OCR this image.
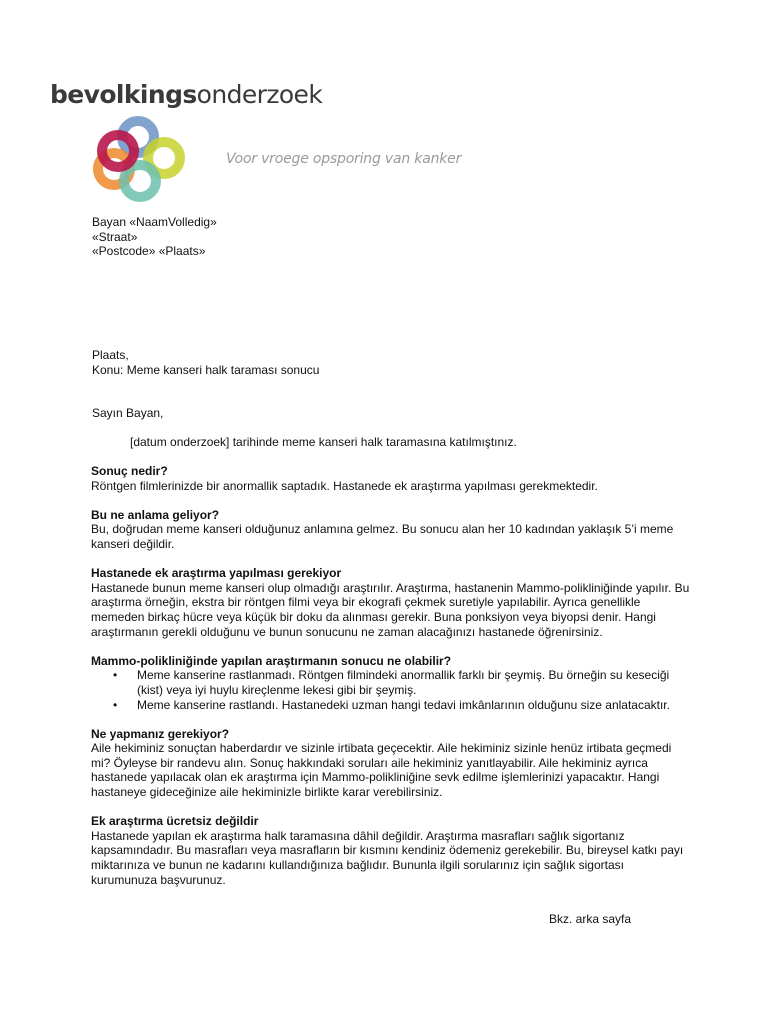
bevolkingsonderzoek
Voor vroege opsporing van kanker
Bayan «NaamVolledig»
«Straat»
«Postcode» «Plaats»
Plaats,
Konu: Meme kanseri halk taraması sonucu
Sayın Bayan,
[datum onderzoek] tarihinde meme kanseri halk taramasına katılmıştınız.
Sonuç nedir?

Röntgen filmlerinizde bir anormallik saptadık. Hastanede ek araştırma yapılması gerekmektedir.

Bu ne anlama geliyor?

Bu, doğrudan meme kanseri olduğunuz anlamına gelmez. Bu sonucu alan her 10 kadından yaklaşık 5’i meme kanseri değildir.

Hastanede ek araştırma yapılması gerekiyor

Hastanede bunun meme kanseri olup olmadığı araştırılır. Araştırma, hastanenin Mammo-polikliniğinde yapılır. Bu araştırma örneğin, ekstra bir röntgen filmi veya bir ekografi çekmek suretiyle yapılabilir. Ayrıca genellikle memeden birkaç hücre veya küçük bir doku da alınması gerekir. Buna ponksiyon veya biyopsi denir. Hangi araştırmanın gerekli olduğunu ve bunun sonucunu ne zaman alacağınızı hastanede öğrenirsiniz.

Mammo-polikliniğinde yapılan araştırmanın sonucu ne olabilir?
• Meme kanserine rastlanmadı. Röntgen filmindeki anormallik farklı bir şeymiş. Bu örneğin su keseciği (kist) veya iyi huylu kireçlenme lekesi gibi bir şeymiş.
• Meme kanserine rastlandı. Hastanedeki uzman hangi tedavi imkânlarının olduğunu size anlatacaktır.
Ne yapmanız gerekiyor?

Aile hekiminiz sonuçtan haberdardır ve sizinle irtibata geçecektir. Aile hekiminiz sizinle henüz irtibata geçmedi mi? Öyleyse bir randevu alın. Sonuç hakkındaki soruları aile hekiminiz yanıtlayabilir. Aile hekiminiz ayrıca hastanede yapılacak olan ek araştırma için Mammo-polikliniğine sevk edilme işlemlerinizi yapacaktır. Hangi hastaneye gideceğinize aile hekiminizle birlikte karar verebilirsiniz.

Ek araştırma ücretsiz değildir

Hastanede yapılan ek araştırma halk taramasına dâhil değildir. Araştırma masrafları sağlık sigortanız kapsamındadır. Bu masrafları veya masrafların bir kısmını kendiniz ödemeniz gerekebilir. Bu, bireysel katkı payı miktarınıza ve bunun ne kadarını kullandığınıza bağlıdır. Bununla ilgili sorularınız için sağlık sigortası kurumunuza başvurunuz.

Bkz. arka sayfa
